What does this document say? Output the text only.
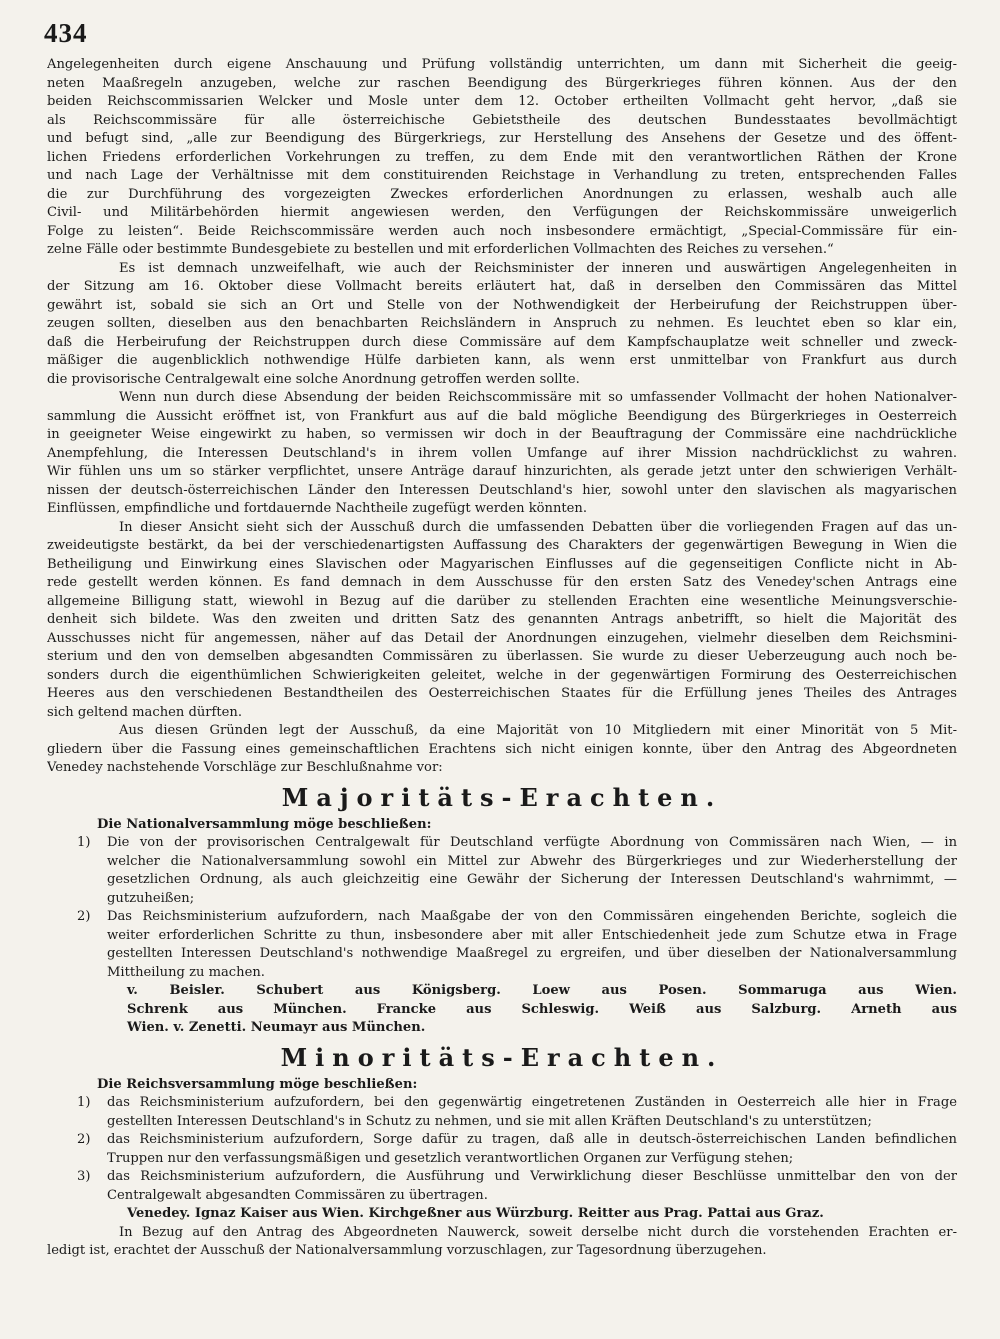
434
Angelegenheiten durch eigene Anschauung und Prüfung vollständig unterrichten, um dann mit Sicherheit die geeig-
neten Maaßregeln anzugeben, welche zur raschen Beendigung des Bürgerkrieges führen können. Aus der den
beiden Reichscommissarien Welcker und Mosle unter dem 12. October ertheilten Vollmacht geht hervor, „daß sie
als Reichscommissäre für alle österreichische Gebietstheile des deutschen Bundesstaates bevollmächtigt
und befugt sind, „alle zur Beendigung des Bürgerkriegs, zur Herstellung des Ansehens der Gesetze und des öffent-
lichen Friedens erforderlichen Vorkehrungen zu treffen, zu dem Ende mit den verantwortlichen Räthen der Krone
und nach Lage der Verhältnisse mit dem constituirenden Reichstage in Verhandlung zu treten, entsprechenden Falles
die zur Durchführung des vorgezeigten Zweckes erforderlichen Anordnungen zu erlassen, weshalb auch alle
Civil- und Militärbehörden hiermit angewiesen werden, den Verfügungen der Reichskommissäre unweigerlich
Folge zu leisten“. Beide Reichscommissäre werden auch noch insbesondere ermächtigt, „Special-Commissäre für ein-
zelne Fälle oder bestimmte Bundesgebiete zu bestellen und mit erforderlichen Vollmachten des Reiches zu versehen.“
Es ist demnach unzweifelhaft, wie auch der Reichsminister der inneren und auswärtigen Angelegenheiten in
der Sitzung am 16. Oktober diese Vollmacht bereits erläutert hat, daß in derselben den Commissären das Mittel
gewährt ist, sobald sie sich an Ort und Stelle von der Nothwendigkeit der Herbeirufung der Reichstruppen über-
zeugen sollten, dieselben aus den benachbarten Reichsländern in Anspruch zu nehmen. Es leuchtet eben so klar ein,
daß die Herbeirufung der Reichstruppen durch diese Commissäre auf dem Kampfschauplatze weit schneller und zweck-
mäßiger die augenblicklich nothwendige Hülfe darbieten kann, als wenn erst unmittelbar von Frankfurt aus durch
die provisorische Centralgewalt eine solche Anordnung getroffen werden sollte.
Wenn nun durch diese Absendung der beiden Reichscommissäre mit so umfassender Vollmacht der hohen Nationalver-
sammlung die Aussicht eröffnet ist, von Frankfurt aus auf die bald mögliche Beendigung des Bürgerkrieges in Oesterreich
in geeigneter Weise eingewirkt zu haben, so vermissen wir doch in der Beauftragung der Commissäre eine nachdrückliche
Anempfehlung, die Interessen Deutschland's in ihrem vollen Umfange auf ihrer Mission nachdrücklichst zu wahren.
Wir fühlen uns um so stärker verpflichtet, unsere Anträge darauf hinzurichten, als gerade jetzt unter den schwierigen Verhält-
nissen der deutsch-österreichischen Länder den Interessen Deutschland's hier, sowohl unter den slavischen als magyarischen
Einflüssen, empfindliche und fortdauernde Nachtheile zugefügt werden könnten.
In dieser Ansicht sieht sich der Ausschuß durch die umfassenden Debatten über die vorliegenden Fragen auf das un-
zweideutigste bestärkt, da bei der verschiedenartigsten Auffassung des Charakters der gegenwärtigen Bewegung in Wien die
Betheiligung und Einwirkung eines Slavischen oder Magyarischen Einflusses auf die gegenseitigen Conflicte nicht in Ab-
rede gestellt werden können. Es fand demnach in dem Ausschusse für den ersten Satz des Venedey'schen Antrags eine
allgemeine Billigung statt, wiewohl in Bezug auf die darüber zu stellenden Erachten eine wesentliche Meinungsverschie-
denheit sich bildete. Was den zweiten und dritten Satz des genannten Antrags anbetrifft, so hielt die Majorität des
Ausschusses nicht für angemessen, näher auf das Detail der Anordnungen einzugehen, vielmehr dieselben dem Reichsmini-
sterium und den von demselben abgesandten Commissären zu überlassen. Sie wurde zu dieser Ueberzeugung auch noch be-
sonders durch die eigenthümlichen Schwierigkeiten geleitet, welche in der gegenwärtigen Formirung des Oesterreichischen
Heeres aus den verschiedenen Bestandtheilen des Oesterreichischen Staates für die Erfüllung jenes Theiles des Antrages
sich geltend machen dürften.
Aus diesen Gründen legt der Ausschuß, da eine Majorität von 10 Mitgliedern mit einer Minorität von 5 Mit-
gliedern über die Fassung eines gemeinschaftlichen Erachtens sich nicht einigen konnte, über den Antrag des Abgeordneten
Venedey nachstehende Vorschläge zur Beschlußnahme vor:
Majoritäts-Erachten.
Die Nationalversammlung möge beschließen:
1) Die von der provisorischen Centralgewalt für Deutschland verfügte Abordnung von Commissären nach Wien, — in
welcher die Nationalversammlung sowohl ein Mittel zur Abwehr des Bürgerkrieges und zur Wiederherstellung der
gesetzlichen Ordnung, als auch gleichzeitig eine Gewähr der Sicherung der Interessen Deutschland's wahrnimmt, —
gutzuheißen;
2) Das Reichsministerium aufzufordern, nach Maaßgabe der von den Commissären eingehenden Berichte, sogleich die
weiter erforderlichen Schritte zu thun, insbesondere aber mit aller Entschiedenheit jede zum Schutze etwa in Frage
gestellten Interessen Deutschland's nothwendige Maaßregel zu ergreifen, und über dieselben der Nationalversammlung
Mittheilung zu machen.
v. Beisler. Schubert aus Königsberg. Loew aus Posen. Sommaruga aus Wien.
Schrenk aus München. Francke aus Schleswig. Weiß aus Salzburg. Arneth aus
Wien. v. Zenetti. Neumayr aus München.
Minoritäts-Erachten.
Die Reichsversammlung möge beschließen:
1) das Reichsministerium aufzufordern, bei den gegenwärtig eingetretenen Zuständen in Oesterreich alle hier in Frage
gestellten Interessen Deutschland's in Schutz zu nehmen, und sie mit allen Kräften Deutschland's zu unterstützen;
2) das Reichsministerium aufzufordern, Sorge dafür zu tragen, daß alle in deutsch-österreichischen Landen befindlichen
Truppen nur den verfassungsmäßigen und gesetzlich verantwortlichen Organen zur Verfügung stehen;
3) das Reichsministerium aufzufordern, die Ausführung und Verwirklichung dieser Beschlüsse unmittelbar den von der
Centralgewalt abgesandten Commissären zu übertragen.
Venedey. Ignaz Kaiser aus Wien. Kirchgeßner aus Würzburg. Reitter aus Prag. Pattai aus Graz.
In Bezug auf den Antrag des Abgeordneten Nauwerck, soweit derselbe nicht durch die vorstehenden Erachten er-
ledigt ist, erachtet der Ausschuß der Nationalversammlung vorzuschlagen, zur Tagesordnung überzugehen.
